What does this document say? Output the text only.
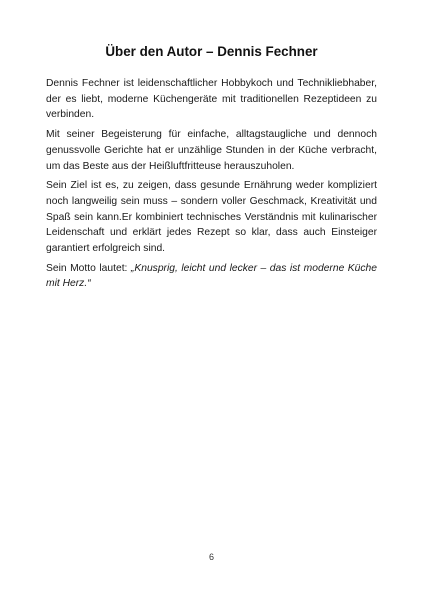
Über den Autor – Dennis Fechner

Dennis Fechner ist leidenschaftlicher Hobbykoch und Technikliebhaber, der es liebt, moderne Küchengeräte mit traditionellen Rezeptideen zu verbinden.

Mit seiner Begeisterung für einfache, alltagstaugliche und dennoch genussvolle Gerichte hat er unzählige Stunden in der Küche verbracht, um das Beste aus der Heißluftfritteuse herauszuholen.

Sein Ziel ist es, zu zeigen, dass gesunde Ernährung weder kompliziert noch langweilig sein muss – sondern voller Geschmack, Kreativität und Spaß sein kann.Er kombiniert technisches Verständnis mit kulinarischer Leidenschaft und erklärt jedes Rezept so klar, dass auch Einsteiger garantiert erfolgreich sind.

Sein Motto lautet: „Knusprig, leicht und lecker – das ist moderne Küche mit Herz.“

6
